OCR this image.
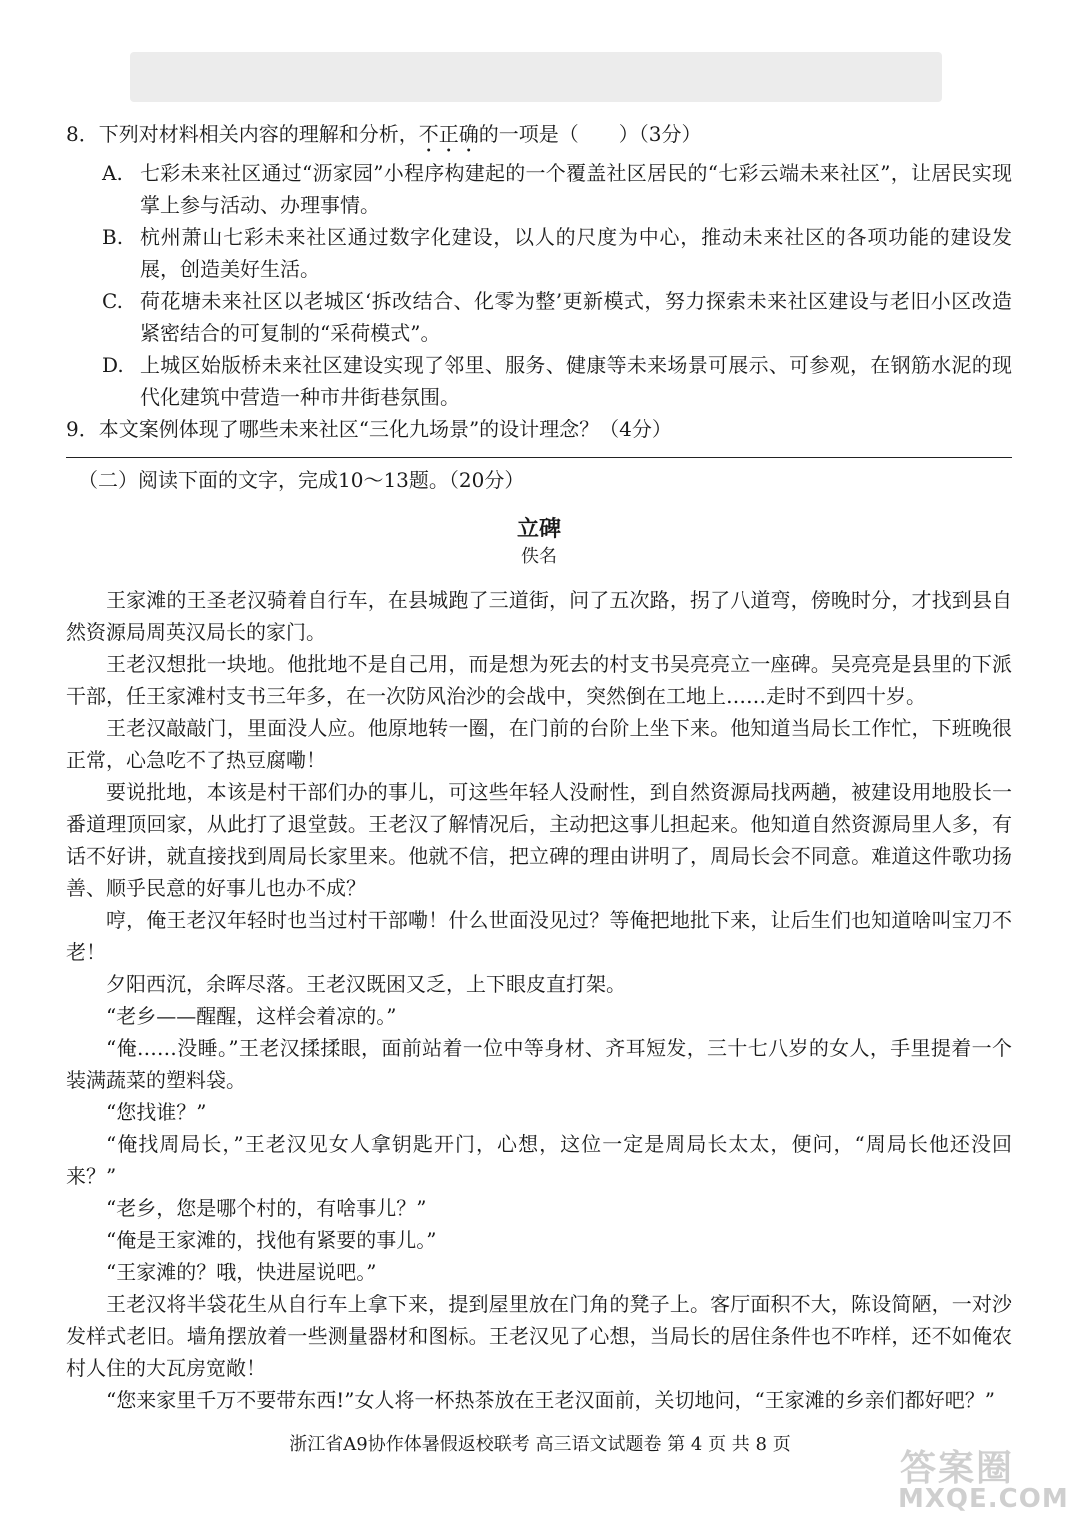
8．下列对材料相关内容的理解和分析，不正确的一项是（　　）（3分）
A. 七彩未来社区通过“沥家园”小程序构建起的一个覆盖社区居民的“七彩云端未来社区”，让居民实现掌上参与活动、办理事情。
B. 杭州萧山七彩未来社区通过数字化建设，以人的尺度为中心，推动未来社区的各项功能的建设发展，创造美好生活。
C. 荷花塘未来社区以老城区‘拆改结合、化零为整’更新模式，努力探索未来社区建设与老旧小区改造紧密结合的可复制的“采荷模式”。
D. 上城区始版桥未来社区建设实现了邻里、服务、健康等未来场景可展示、可参观，在钢筋水泥的现代化建筑中营造一种市井街巷氛围。
9．本文案例体现了哪些未来社区“三化九场景”的设计理念？（4分）
（二）阅读下面的文字，完成10～13题。（20分）
立碑
佚名

王家滩的王圣老汉骑着自行车，在县城跑了三道街，问了五次路，拐了八道弯，傍晚时分，才找到县自然资源局周英汉局长的家门。

王老汉想批一块地。他批地不是自己用，而是想为死去的村支书吴亮亮立一座碑。吴亮亮是县里的下派干部，任王家滩村支书三年多，在一次防风治沙的会战中，突然倒在工地上……走时不到四十岁。

王老汉敲敲门，里面没人应。他原地转一圈，在门前的台阶上坐下来。他知道当局长工作忙，下班晚很正常，心急吃不了热豆腐嘞！

要说批地，本该是村干部们办的事儿，可这些年轻人没耐性，到自然资源局找两趟，被建设用地股长一番道理顶回家，从此打了退堂鼓。王老汉了解情况后，主动把这事儿担起来。他知道自然资源局里人多，有话不好讲，就直接找到周局长家里来。他就不信，把立碑的理由讲明了，周局长会不同意。难道这件歌功扬善、顺乎民意的好事儿也办不成？

哼，俺王老汉年轻时也当过村干部嘞！什么世面没见过？等俺把地批下来，让后生们也知道啥叫宝刀不老！

夕阳西沉，余晖尽落。王老汉既困又乏，上下眼皮直打架。

“老乡——醒醒，这样会着凉的。”

“俺……没睡。”王老汉揉揉眼，面前站着一位中等身材、齐耳短发，三十七八岁的女人，手里提着一个装满蔬菜的塑料袋。

“您找谁？”

“俺找周局长，”王老汉见女人拿钥匙开门，心想，这位一定是周局长太太，便问，“周局长他还没回来？”

“老乡，您是哪个村的，有啥事儿？”

“俺是王家滩的，找他有紧要的事儿。”

“王家滩的？哦，快进屋说吧。”

王老汉将半袋花生从自行车上拿下来，提到屋里放在门角的凳子上。客厅面积不大，陈设简陋，一对沙发样式老旧。墙角摆放着一些测量器材和图标。王老汉见了心想，当局长的居住条件也不咋样，还不如俺农村人住的大瓦房宽敞！

“您来家里千万不要带东西!”女人将一杯热茶放在王老汉面前，关切地问，“王家滩的乡亲们都好吧？”

浙江省A9协作体暑假返校联考 高三语文试题卷 第 4 页 共 8 页
答案圈
MXQE.COM
